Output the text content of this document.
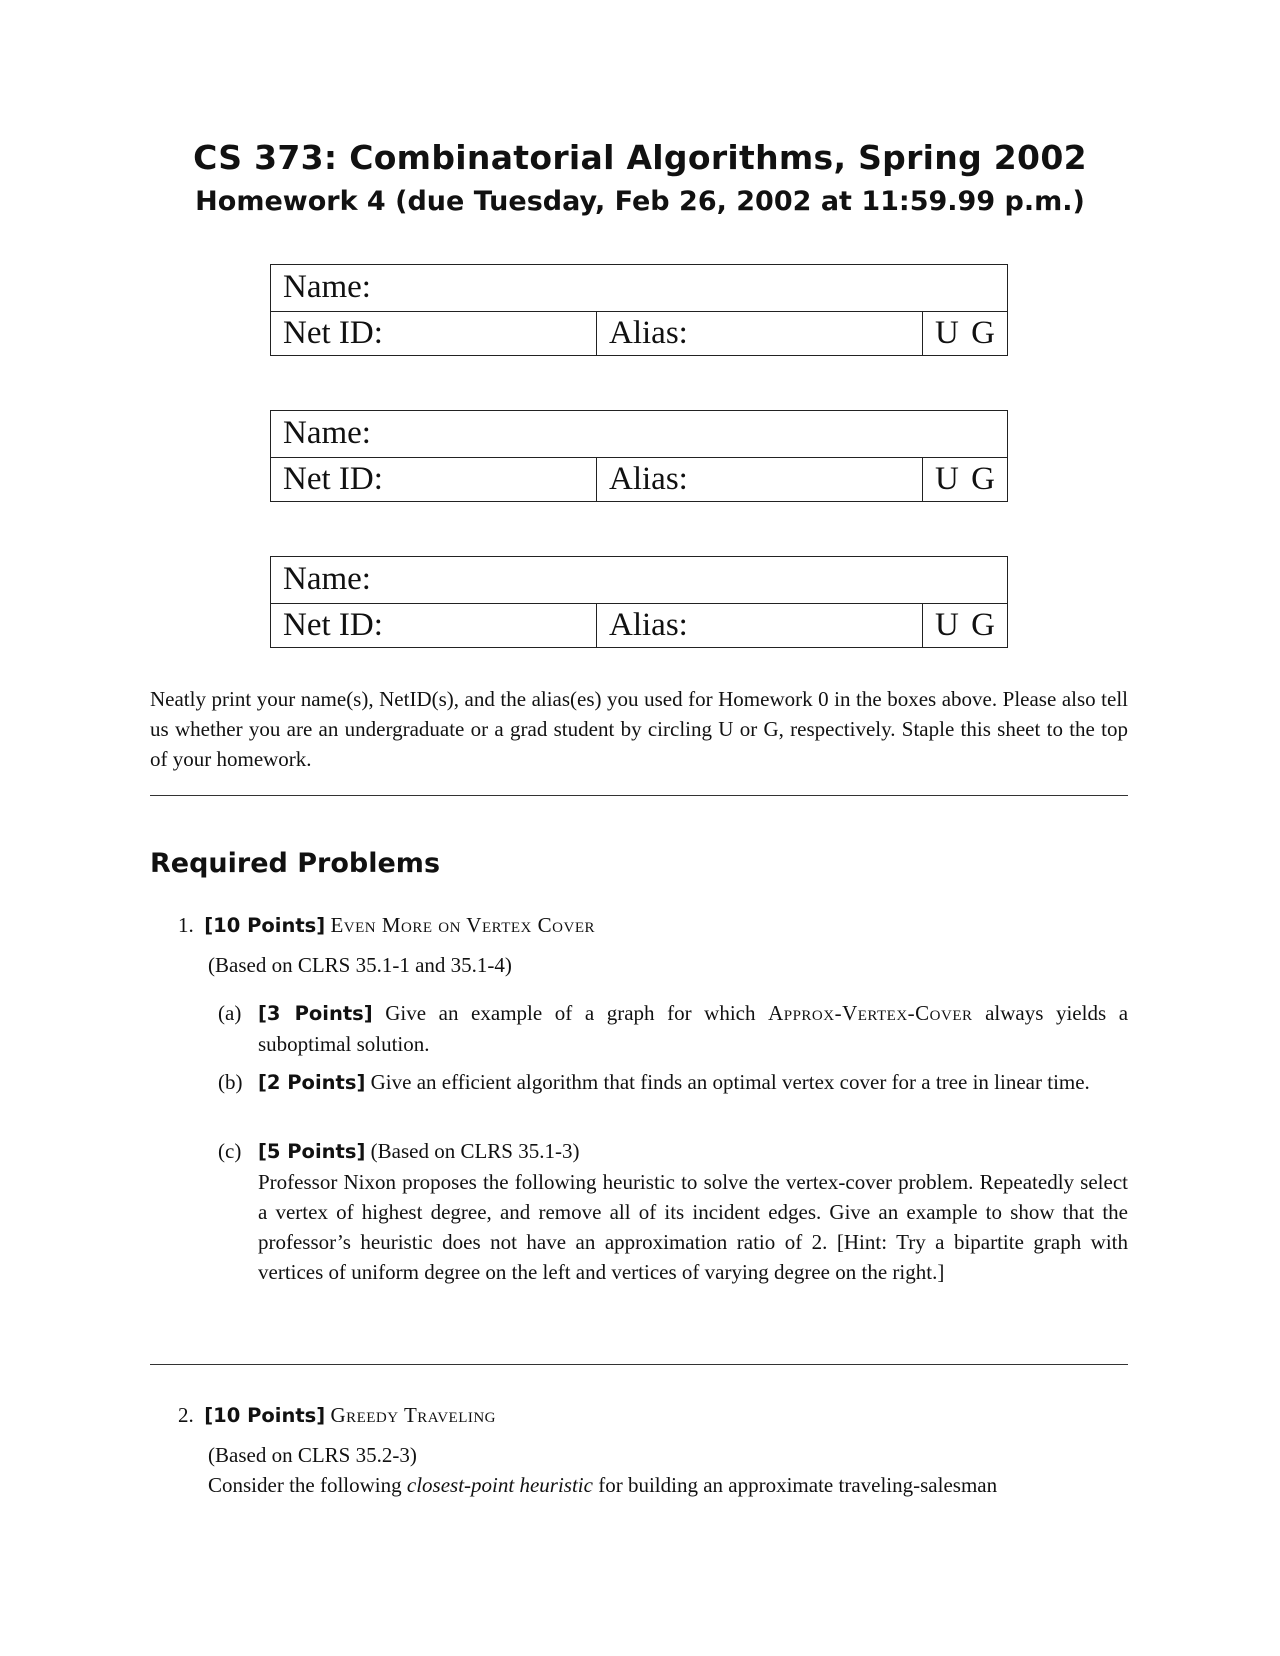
CS 373: Combinatorial Algorithms, Spring 2002
Homework 4 (due Tuesday, Feb 26, 2002 at 11:59.99 p.m.)
Name:
Net ID:	Alias:	U G
Name:
Net ID:	Alias:	U G
Name:
Net ID:	Alias:	U G
Neatly print your name(s), NetID(s), and the alias(es) you used for Homework 0 in the boxes above. Please also tell us whether you are an undergraduate or a grad student by circling U or G, respectively. Staple this sheet to the top of your homework.
Required Problems
1. [10 Points] Even More on Vertex Cover
(Based on CLRS 35.1-1 and 35.1-4)
(a) [3 Points] Give an example of a graph for which Approx-Vertex-Cover always yields a suboptimal solution.
(b) [2 Points] Give an efficient algorithm that finds an optimal vertex cover for a tree in linear time.
(c) [5 Points] (Based on CLRS 35.1-3)
Professor Nixon proposes the following heuristic to solve the vertex-cover problem. Repeatedly select a vertex of highest degree, and remove all of its incident edges. Give an example to show that the professor’s heuristic does not have an approximation ratio of 2. [Hint: Try a bipartite graph with vertices of uniform degree on the left and vertices of varying degree on the right.]
2. [10 Points] Greedy Traveling
(Based on CLRS 35.2-3)
Consider the following closest-point heuristic for building an approximate traveling-salesman
